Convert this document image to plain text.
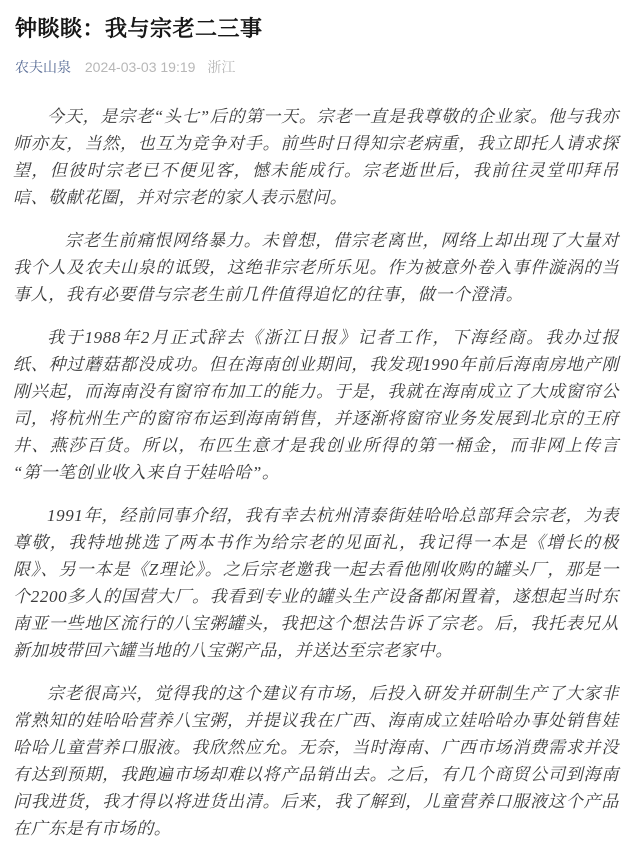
钟睒睒：我与宗老二三事
农夫山泉 2024-03-03 19:19 浙江

今天，是宗老“头七”后的第一天。宗老一直是我尊敬的企业家。他与我亦师亦友，当然，也互为竞争对手。前些时日得知宗老病重，我立即托人请求探望，但彼时宗老已不便见客，憾未能成行。宗老逝世后，我前往灵堂叩拜吊唁、敬献花圈，并对宗老的家人表示慰问。

　宗老生前痛恨网络暴力。未曾想，借宗老离世，网络上却出现了大量对我个人及农夫山泉的诋毁，这绝非宗老所乐见。作为被意外卷入事件漩涡的当事人，我有必要借与宗老生前几件值得追忆的往事，做一个澄清。

我于1988年2月正式辞去《浙江日报》记者工作，下海经商。我办过报纸、种过蘑菇都没成功。但在海南创业期间，我发现1990年前后海南房地产刚刚兴起，而海南没有窗帘布加工的能力。于是，我就在海南成立了大成窗帘公司，将杭州生产的窗帘布运到海南销售，并逐渐将窗帘业务发展到北京的王府井、燕莎百货。所以，布匹生意才是我创业所得的第一桶金，而非网上传言“第一笔创业收入来自于娃哈哈”。

1991年，经前同事介绍，我有幸去杭州清泰街娃哈哈总部拜会宗老，为表尊敬，我特地挑选了两本书作为给宗老的见面礼，我记得一本是《增长的极限》、另一本是《Z理论》。之后宗老邀我一起去看他刚收购的罐头厂，那是一个2200多人的国营大厂。我看到专业的罐头生产设备都闲置着，遂想起当时东南亚一些地区流行的八宝粥罐头，我把这个想法告诉了宗老。后，我托表兄从新加坡带回六罐当地的八宝粥产品，并送达至宗老家中。

宗老很高兴，觉得我的这个建议有市场，后投入研发并研制生产了大家非常熟知的娃哈哈营养八宝粥，并提议我在广西、海南成立娃哈哈办事处销售娃哈哈儿童营养口服液。我欣然应允。无奈，当时海南、广西市场消费需求并没有达到预期，我跑遍市场却难以将产品销出去。之后，有几个商贸公司到海南问我进货，我才得以将进货出清。后来，我了解到，儿童营养口服液这个产品在广东是有市场的。
